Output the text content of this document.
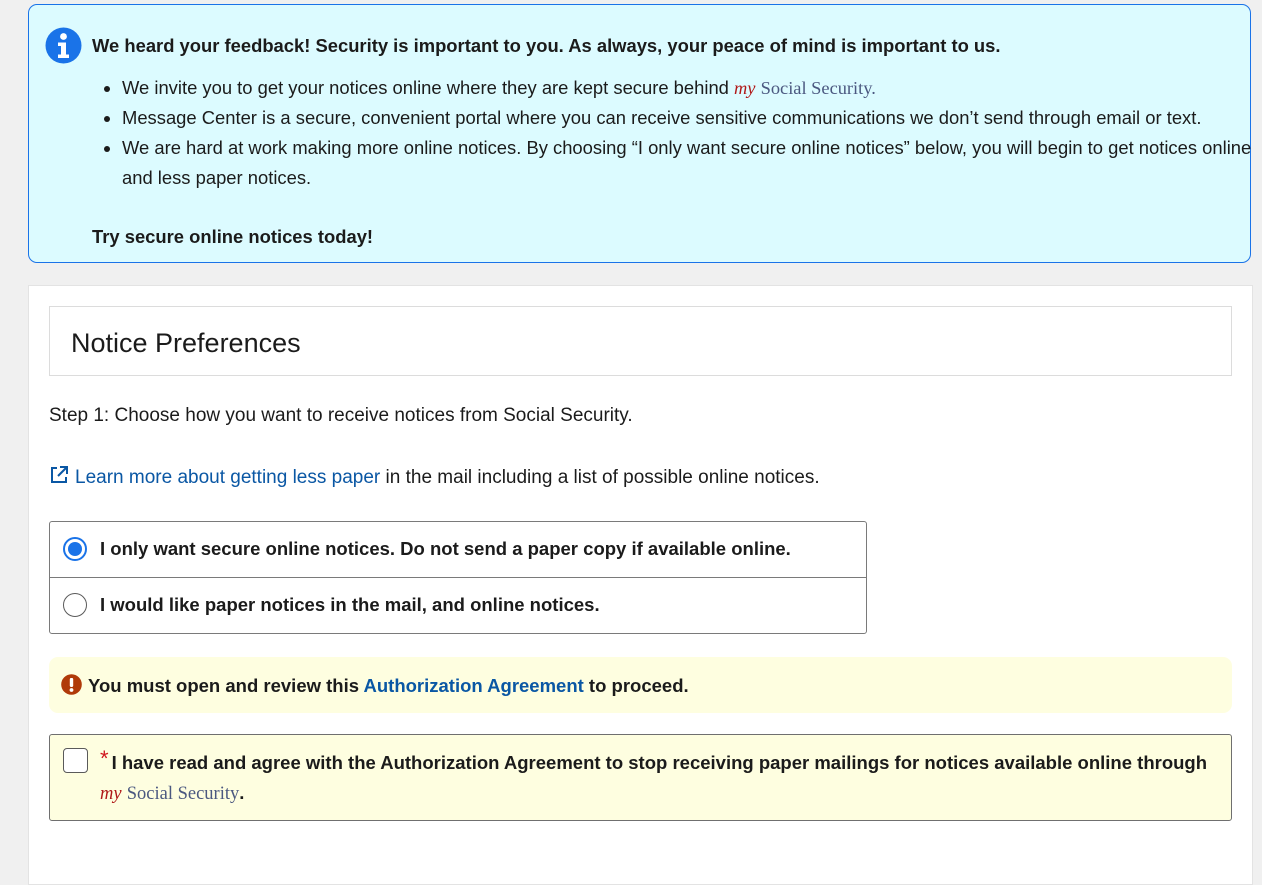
We heard your feedback! Security is important to you. As always, your peace of mind is important to us.
• We invite you to get your notices online where they are kept secure behind my Social Security.
• Message Center is a secure, convenient portal where you can receive sensitive communications we don’t send through email or text.
• We are hard at work making more online notices. By choosing “I only want secure online notices” below, you will begin to get notices online and less paper notices.
Try secure online notices today!
Notice Preferences
Step 1: Choose how you want to receive notices from Social Security.
Learn more about getting less paper in the mail including a list of possible online notices.
I only want secure online notices. Do not send a paper copy if available online.
I would like paper notices in the mail, and online notices.
You must open and review this Authorization Agreement to proceed.
* I have read and agree with the Authorization Agreement to stop receiving paper mailings for notices available online through my Social Security.
